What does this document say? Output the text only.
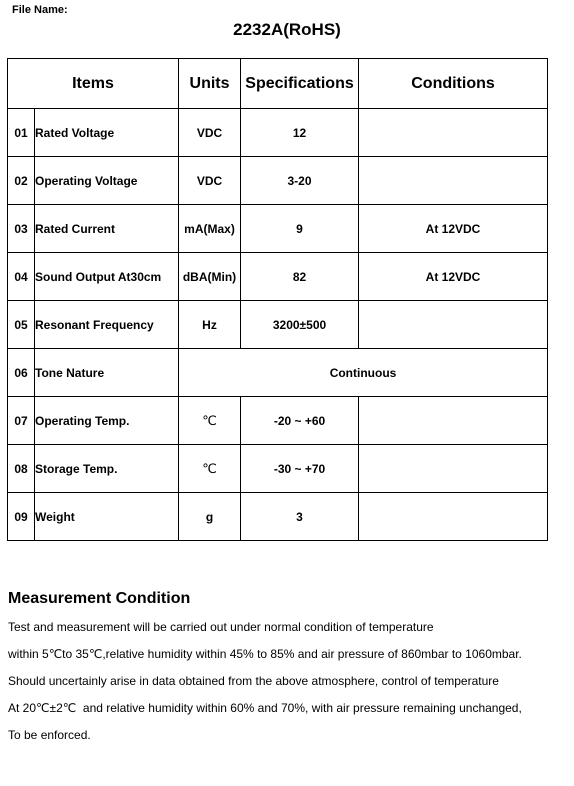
File Name:
2232A(RoHS)
Items		Units	Specifications	Conditions
01	Rated Voltage	VDC	12	
02	Operating Voltage	VDC	3-20	
03	Rated Current	mA(Max)	9	At 12VDC
04	Sound Output At30cm	dBA(Min)	82	At 12VDC
05	Resonant Frequency	Hz	3200±500	
06	Tone Nature	Continuous		
07	Operating Temp.	℃	-20 ~ +60	
08	Storage Temp.	℃	-30 ~ +70	
09	Weight	g	3	
Measurement Condition

Test and measurement will be carried out under normal condition of temperature

within 5℃to 35℃,relative humidity within 45% to 85% and air pressure of 860mbar to 1060mbar.

Should uncertainly arise in data obtained from the above atmosphere, control of temperature

At 20℃±2℃  and relative humidity within 60% and 70%, with air pressure remaining unchanged,

To be enforced.
